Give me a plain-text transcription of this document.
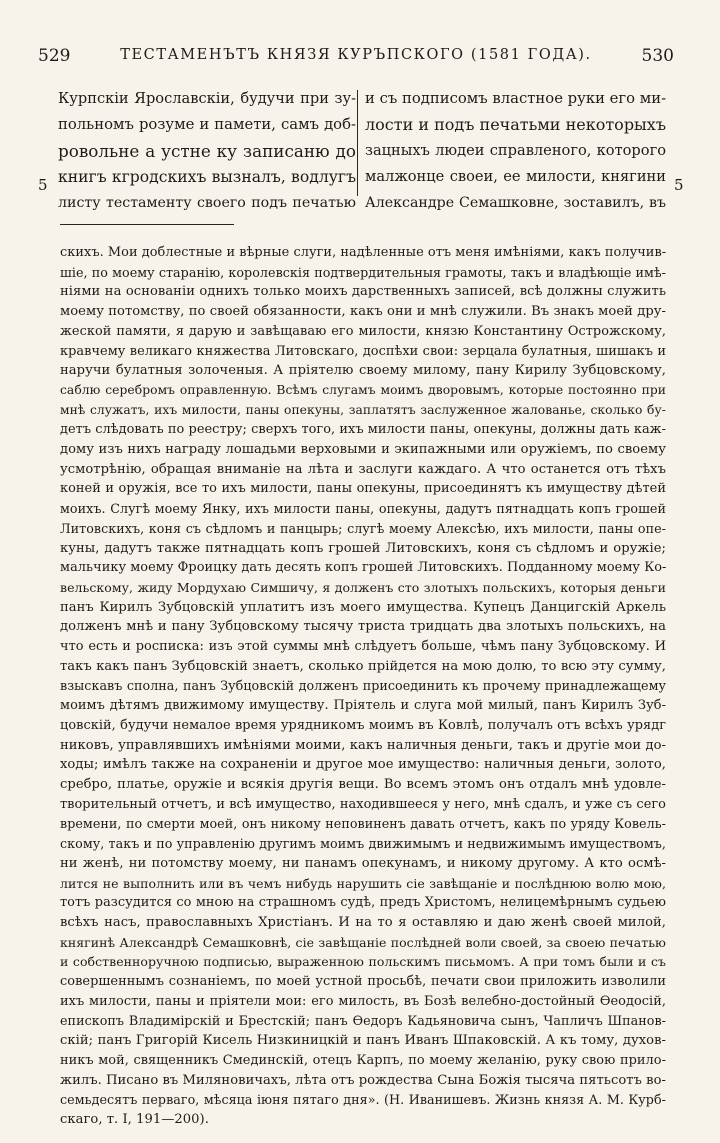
529	ТЕСТАМЕНЪТЪ КНЯЗЯ КУРЪПСКОГО (1581 ГОДА).	530
Курпскіи Ярославскіи, будучи при зу-
польномъ розуме и памети, самъ доб-
ровольне а устне ку записаню до
книгъ кгродскихъ вызналъ, водлугъ
листу тестаменту своего подъ печатью
и съ подписомъ властное руки его ми-
лости и подъ печатьми некоторыхъ
зацныхъ людеи справленого, которого
малжонце своеи, ее милости, княгини
Александре Семашковне, зоставилъ, въ
5	5
скихъ. Мои доблестные и вѣрные слуги, надѣленные отъ меня имѣніями, какъ получив-
шіе, по моему старанію, королевскія подтвердительныя грамоты, такъ и владѣющіе имѣ-
ніями на основаніи однихъ только моихъ дарственныхъ записей, всѣ должны служить
моему потомству, по своей обязанности, какъ они и мнѣ служили. Въ знакъ моей дру-
жеской памяти, я дарую и завѣщаваю его милости, князю Константину Острожскому,
кравчему великаго княжества Литовскаго, доспѣхи свои: зерцала булатныя, шишакъ и
наручи булатныя золоченыя. А пріятелю своему милому, пану Кирилу Зубцовскому,
саблю серебромъ оправленную. Всѣмъ слугамъ моимъ дворовымъ, которые постоянно при
мнѣ служатъ, ихъ милости, паны опекуны, заплатятъ заслуженное жалованье, сколько бу-
детъ слѣдовать по реестру; сверхъ того, ихъ милости паны, опекуны, должны дать каж-
дому изъ нихъ награду лошадьми верховыми и экипажными или оружіемъ, по своему
усмотрѣнію, обращая вниманіе на лѣта и заслуги каждаго. А что останется отъ тѣхъ
коней и оружія, все то ихъ милости, паны опекуны, присоединятъ къ имуществу дѣтей
моихъ. Слугѣ моему Янку, ихъ милости паны, опекуны, дадутъ пятнадцать копъ грошей
Литовскихъ, коня съ сѣдломъ и панцырь; слугѣ моему Алексѣю, ихъ милости, паны опе-
куны, дадутъ также пятнадцать копъ грошей Литовскихъ, коня съ сѣдломъ и оружіе;
мальчику моему Фроицку дать десять копъ грошей Литовскихъ. Подданному моему Ко-
вельскому, жиду Мордухаю Симшичу, я долженъ сто злотыхъ польскихъ, которыя деньги
панъ Кирилъ Зубцовскій уплатитъ изъ моего имущества. Купецъ Данцигскій Аркель
долженъ мнѣ и пану Зубцовскому тысячу триста тридцать два злотыхъ польскихъ, на
что есть и росписка: изъ этой суммы мнѣ слѣдуетъ больше, чѣмъ пану Зубцовскому. И
такъ какъ панъ Зубцовскій знаетъ, сколько прійдется на мою долю, то всю эту сумму,
взыскавъ сполна, панъ Зубцовскій долженъ присоединить къ прочему принадлежащему
моимъ дѣтямъ движимому имуществу. Пріятель и слуга мой милый, панъ Кирилъ Зуб-
цовскій, будучи немалое время урядникомъ моимъ въ Ковлѣ, получалъ отъ всѣхъ урядг
никовъ, управлявшихъ имѣніями моими, какъ наличныя деньги, такъ и другіе мои до-
ходы; имѣлъ также на сохраненіи и другое мое имущество: наличныя деньги, золото,
сребро, платье, оружіе и всякія другія вещи. Во всемъ этомъ онъ отдалъ мнѣ удовле-
творительный отчетъ, и всѣ имущество, находившееся у него, мнѣ сдалъ, и уже съ сего
времени, по смерти моей, онъ никому неповиненъ давать отчетъ, какъ по уряду Ковель-
скому, такъ и по управленію другимъ моимъ движимымъ и недвижимымъ имуществомъ,
ни женѣ, ни потомству моему, ни панамъ опекунамъ, и никому другому. А кто осмѣ-
лится не выполнить или въ чемъ нибудь нарушить сіе завѣщаніе и послѣднюю волю мою,
тотъ разсудится со мною на страшномъ судѣ, предъ Христомъ, нелицемѣрнымъ судьею
всѣхъ насъ, православныхъ Христіанъ. И на то я оставляю и даю женѣ своей милой,
княгинѣ Александрѣ Семашковнѣ, сіе завѣщаніе послѣдней воли своей, за своею печатью
и собственноручною подписью, выраженною польскимъ письмомъ. А при томъ были и съ
совершеннымъ сознаніемъ, по моей устной просьбѣ, печати свои приложить изволили
ихъ милости, паны и пріятели мои: его милость, въ Бозѣ велебно-достойный Ѳеодосій,
епископъ Владимірскій и Брестскій; панъ Ѳедоръ Кадьяновича сынъ, Чапличъ Шпанов-
скій; панъ Григорій Кисель Низкиницкій и панъ Иванъ Шпаковскій. А къ тому, духов-
никъ мой, священникъ Смединскій, отецъ Карпъ, по моему желанію, руку свою прило-
жилъ. Писано въ Миляновичахъ, лѣта отъ рождества Сына Божія тысяча пятьсотъ во-
семьдесятъ перваго, мѣсяца іюня пятаго дня». (Н. Иванишевъ. Жизнь князя А. М. Курб-
скаго, т. I, 191—200).
